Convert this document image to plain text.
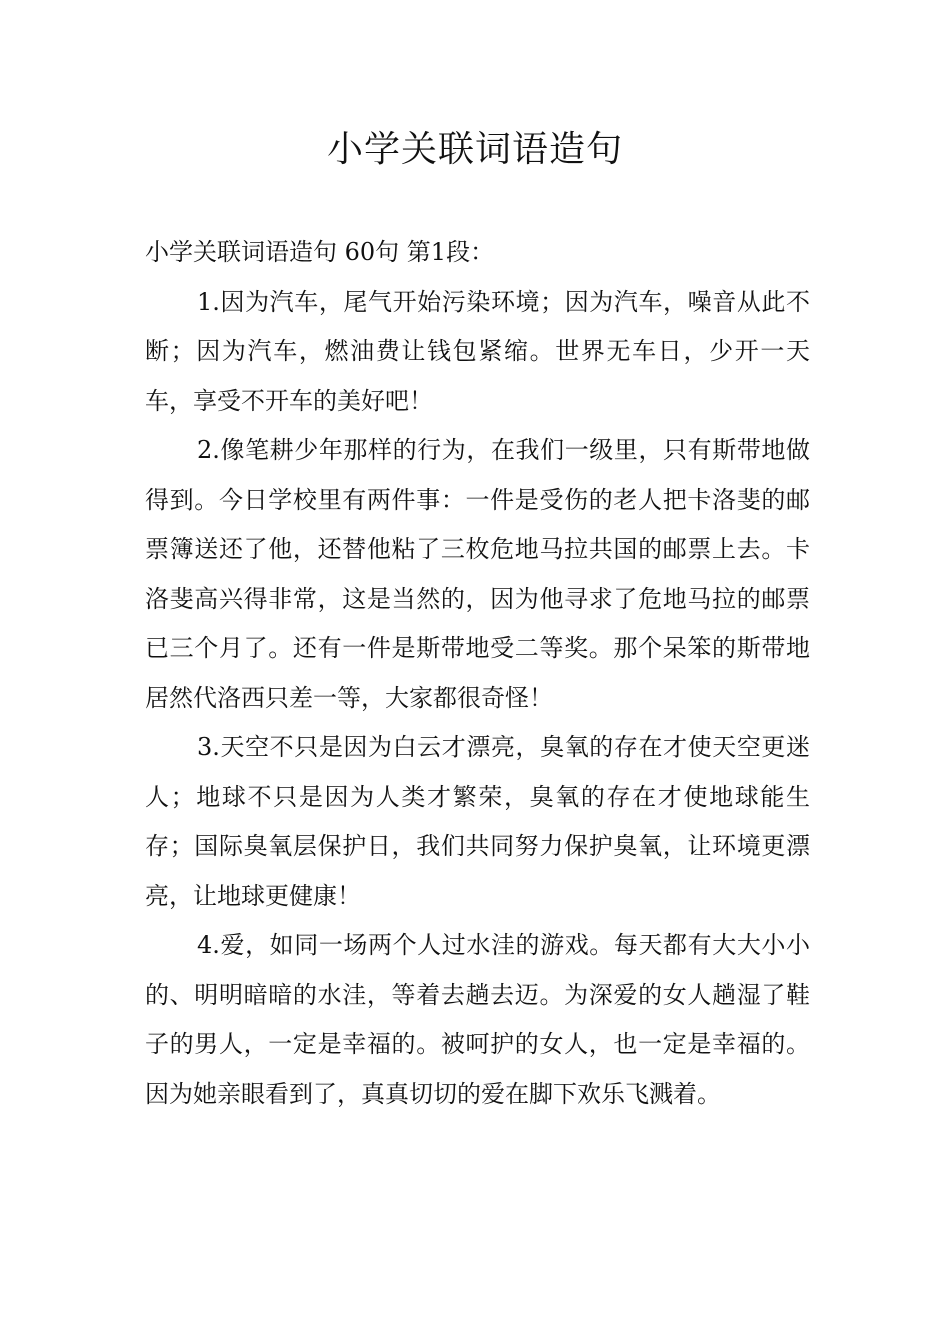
小学关联词语造句

小学关联词语造句 60句 第1段：

1.因为汽车，尾气开始污染环境；因为汽车，噪音从此不断；因为汽车，燃油费让钱包紧缩。世界无车日，少开一天车，享受不开车的美好吧！

2.像笔耕少年那样的行为，在我们一级里，只有斯带地做得到。今日学校里有两件事：一件是受伤的老人把卡洛斐的邮票簿送还了他，还替他粘了三枚危地马拉共国的邮票上去。卡洛斐高兴得非常，这是当然的，因为他寻求了危地马拉的邮票已三个月了。还有一件是斯带地受二等奖。那个呆笨的斯带地居然代洛西只差一等，大家都很奇怪！

3.天空不只是因为白云才漂亮，臭氧的存在才使天空更迷人；地球不只是因为人类才繁荣，臭氧的存在才使地球能生存；国际臭氧层保护日，我们共同努力保护臭氧，让环境更漂亮，让地球更健康！

4.爱，如同一场两个人过水洼的游戏。每天都有大大小小的、明明暗暗的水洼，等着去趟去迈。为深爱的女人趟湿了鞋子的男人，一定是幸福的。被呵护的女人，也一定是幸福的。因为她亲眼看到了，真真切切的爱在脚下欢乐飞溅着。
